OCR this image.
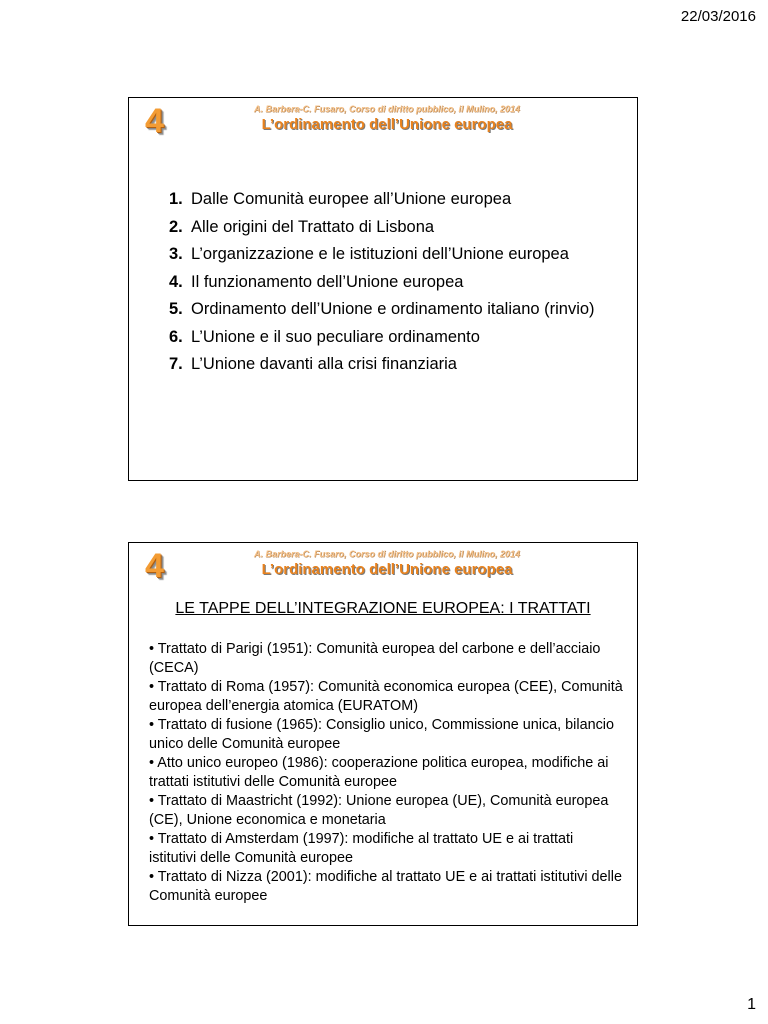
22/03/2016
4	A. Barbera-C. Fusaro, Corso di diritto pubblico, il Mulino, 2014
L’ordinamento dell’Unione europea
1. Dalle Comunità europee all’Unione europea
2. Alle origini del Trattato di Lisbona
3. L’organizzazione e le istituzioni dell’Unione europea
4. Il funzionamento dell’Unione europea
5. Ordinamento dell’Unione e ordinamento italiano (rinvio)
6. L’Unione e il suo peculiare ordinamento
7. L’Unione davanti alla crisi finanziaria
4	A. Barbera-C. Fusaro, Corso di diritto pubblico, il Mulino, 2014
L’ordinamento dell’Unione europea
LE TAPPE DELL’INTEGRAZIONE EUROPEA: I TRATTATI
• Trattato di Parigi (1951): Comunità europea del carbone e dell’acciaio (CECA)
• Trattato di Roma (1957): Comunità economica europea (CEE), Comunità europea dell’energia atomica (EURATOM)
• Trattato di fusione (1965): Consiglio unico, Commissione unica, bilancio unico delle Comunità europee
• Atto unico europeo (1986): cooperazione politica europea, modifiche ai trattati istitutivi delle Comunità europee
• Trattato di Maastricht (1992): Unione europea (UE), Comunità europea (CE), Unione economica e monetaria
• Trattato di Amsterdam (1997): modifiche al trattato UE e ai trattati istitutivi delle Comunità europee
• Trattato di Nizza (2001): modifiche al trattato UE e ai trattati istitutivi delle Comunità europee
1
